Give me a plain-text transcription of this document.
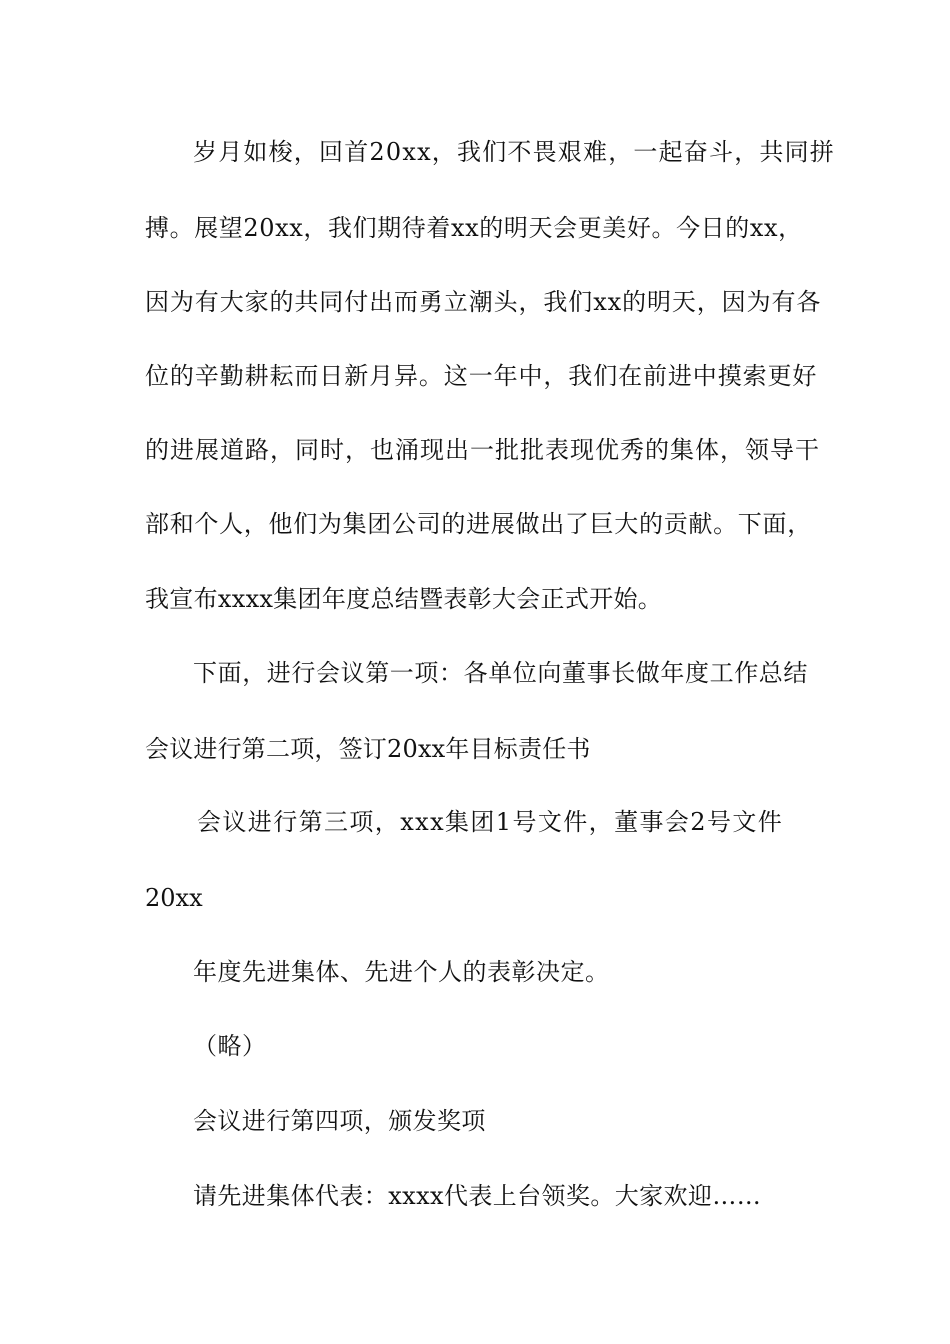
岁月如梭，回首20xx，我们不畏艰难，一起奋斗，共同拼
搏。展望20xx，我们期待着xx的明天会更美好。今日的xx，
因为有大家的共同付出而勇立潮头，我们xx的明天，因为有各
位的辛勤耕耘而日新月异。这一年中，我们在前进中摸索更好
的进展道路，同时，也涌现出一批批表现优秀的集体，领导干
部和个人，他们为集团公司的进展做出了巨大的贡献。下面，
我宣布xxxx集团年度总结暨表彰大会正式开始。
下面，进行会议第一项：各单位向董事长做年度工作总结
会议进行第二项，签订20xx年目标责任书
会议进行第三项，xxx集团1号文件，董事会2号文件
20xx
年度先进集体、先进个人的表彰决定。
（略）
会议进行第四项，颁发奖项
请先进集体代表：xxxx代表上台领奖。大家欢迎……
